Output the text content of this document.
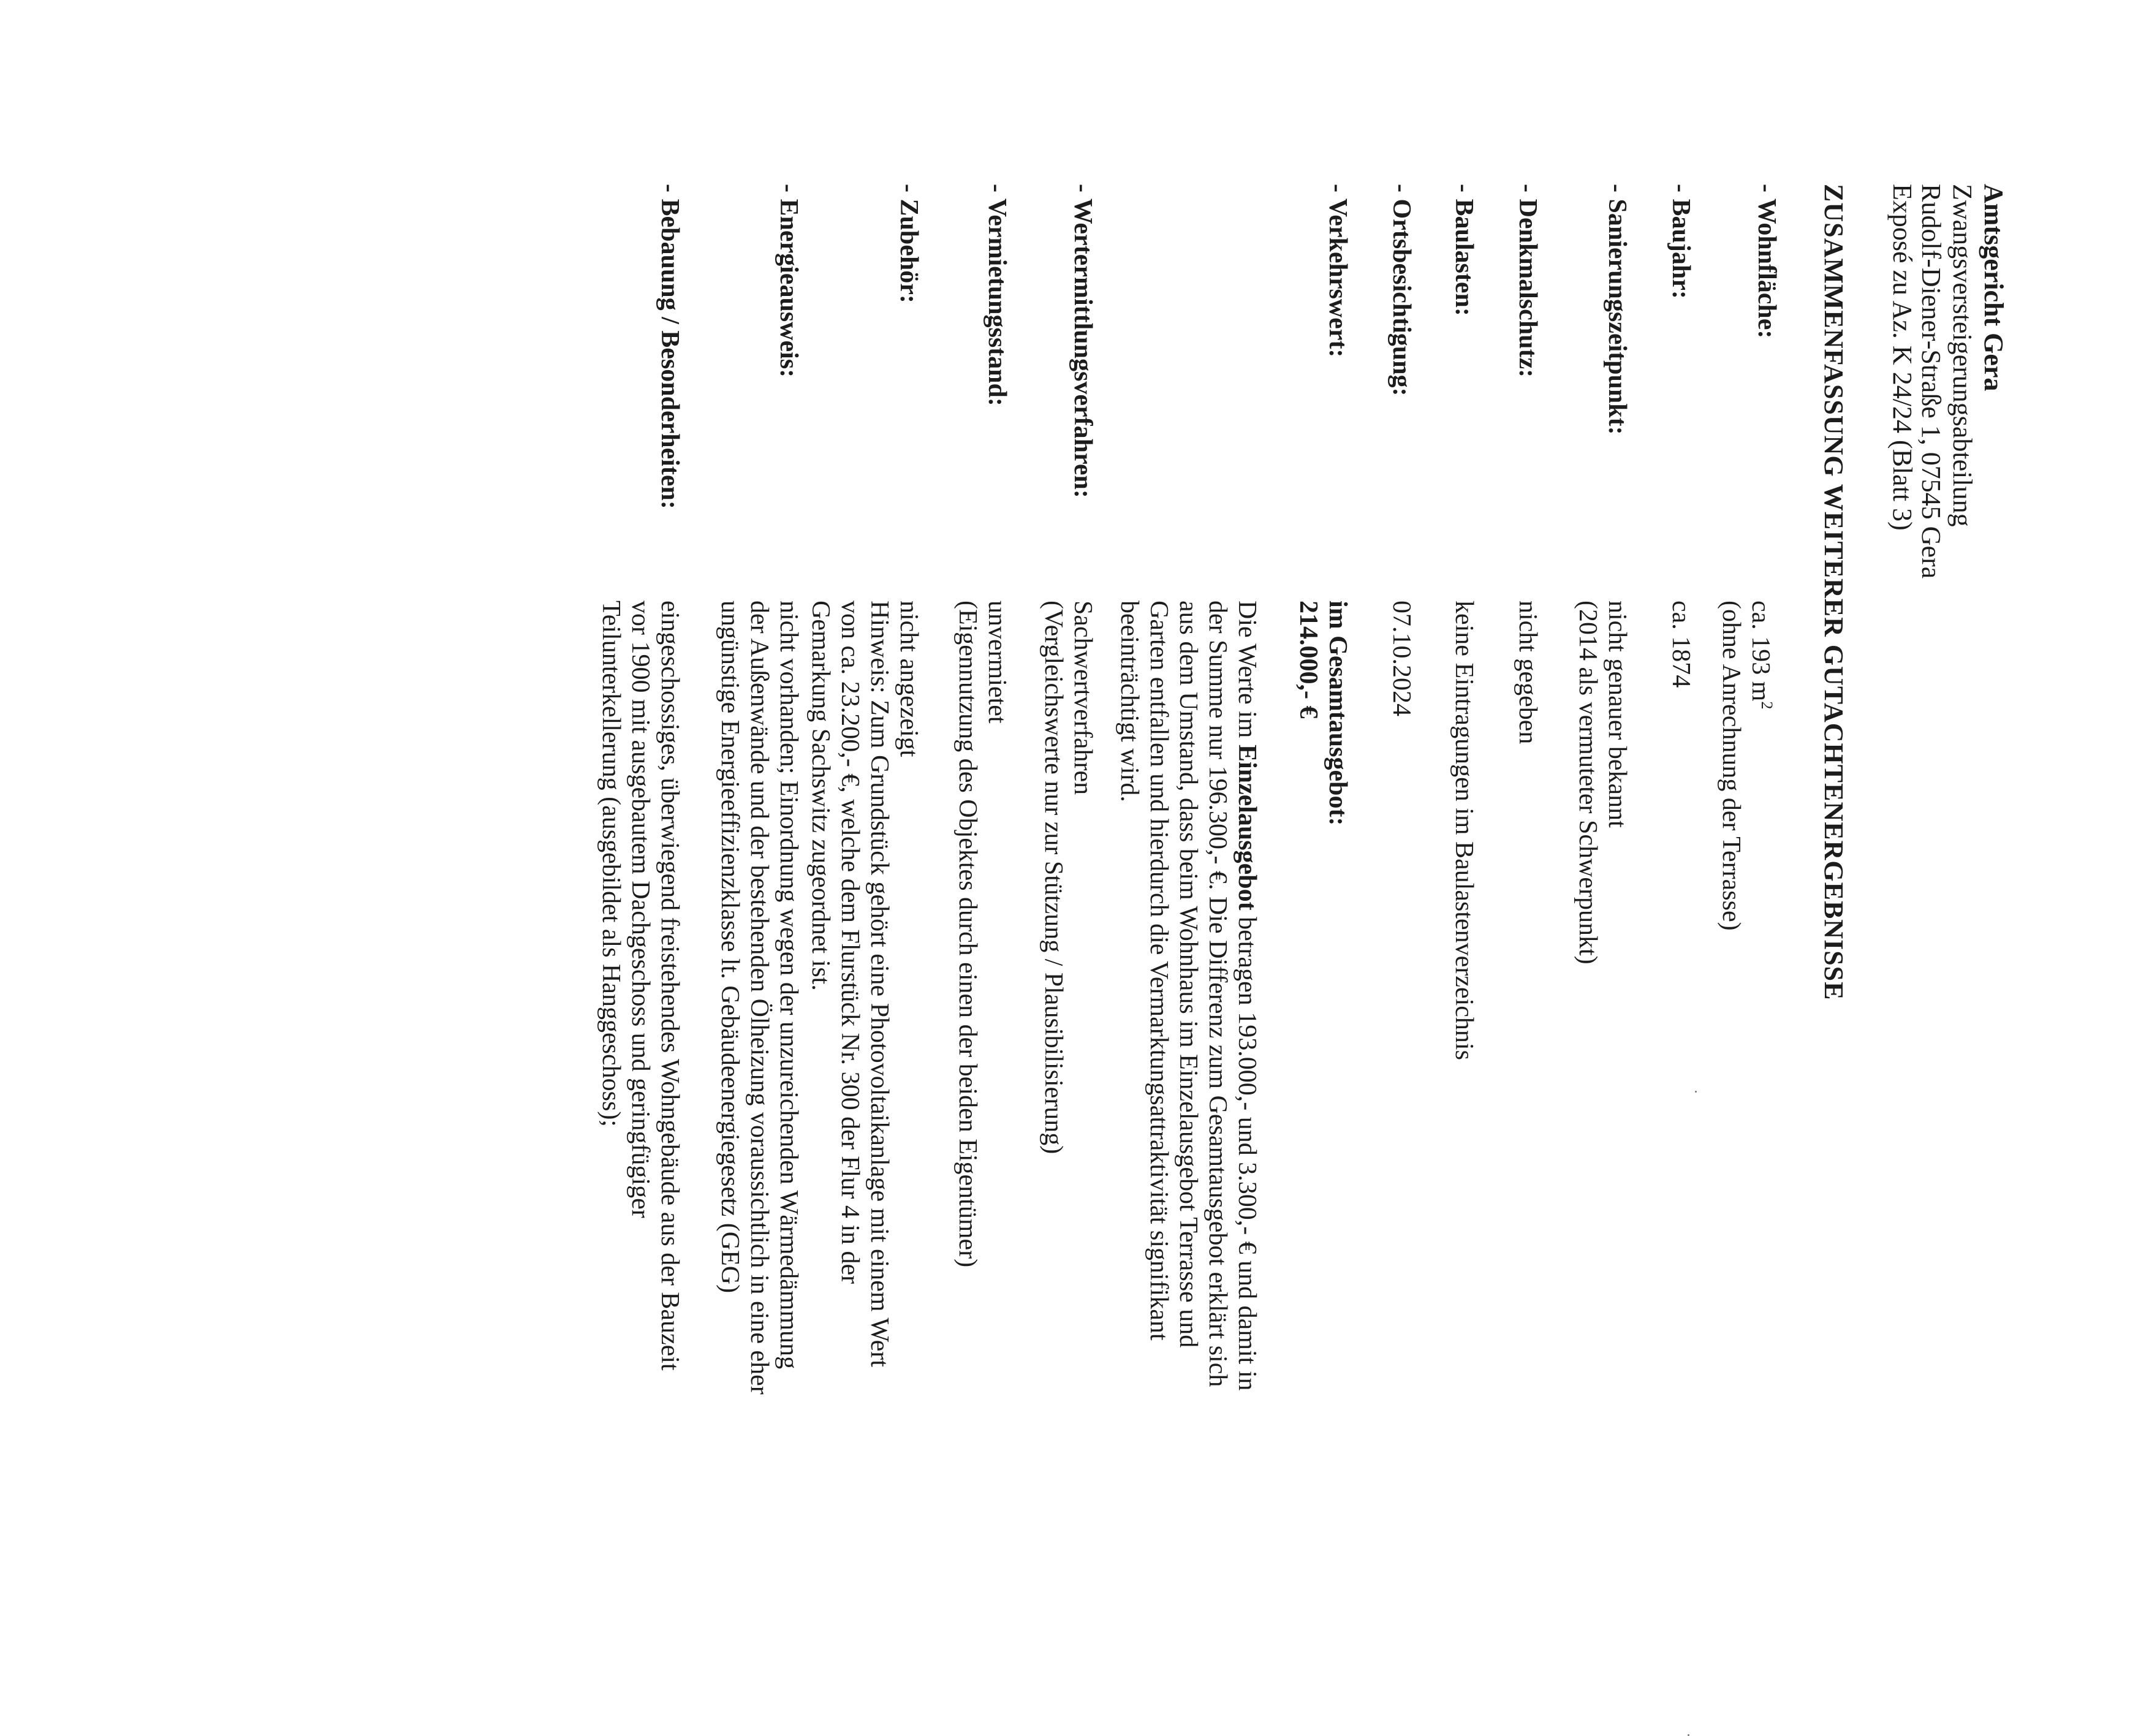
Amtsgericht Gera
Zwangsversteigerungsabteilung
Rudolf-Diener-Straße 1, 07545 Gera
Exposé zu Az. K 24/24 (Blatt 3)
ZUSAMMENFASSUNG WEITERER GUTACHTENERGEBNISSE
- Wohnfläche:

ca. 193 $m^2$

(ohne Anrechnung der Terrasse)

- Baujahr:

ca. 1874

- Sanierungszeitpunkt:

nicht genauer bekannt

(2014 als vermuteter Schwerpunkt)

- Denkmalschutz:

nicht gegeben

- Baulasten:

keine Eintragungen im Baulastenverzeichnis

- Ortsbesichtigung:

07.10.2024

- Verkehrswert:

im Gesamtausgebot:

214.000,- €

Die Werte im Einzelausgebot betragen 193.000,- und 3.300,- € und damit in der Summe nur 196.300,- €. Die Differenz zum Gesamtausgebot erklärt sich aus dem Umstand, dass beim Wohnhaus im Einzelausgebot Terrasse und Garten entfallen und hierdurch die Vermarktungsattraktivität signifikant beeinträchtigt wird.

- Wertermittlungsverfahren:

Sachwertverfahren

(Vergleichswerte nur zur Stützung / Plausibilisierung)

- Vermietungsstand:

unvermietet

(Eigennutzung des Objektes durch einen der beiden Eigentümer)

- Zubehör:

nicht angezeigt

Hinweis: Zum Grundstück gehört eine Photovoltaikanlage mit einem Wert von ca. 23.200,- €, welche dem Flurstück Nr. 300 der Flur 4 in der Gemarkung Sachswitz zugeordnet ist.

- Energieausweis:

nicht vorhanden; Einordnung wegen der unzureichenden Wärmedämmung der Außenwände und der bestehenden Ölheizung voraussichtlich in eine eher ungünstige Energieeffizienzklasse lt. Gebäudeenergiegesetz (GEG)

- Bebauung / Besonderheiten:

eingeschossiges, überwiegend freistehendes Wohngebäude aus der Bauzeit vor 1900 mit ausgebautem Dachgeschoss und geringfügiger Teilunterkellerung (ausgebildet als Hanggeschoss);
